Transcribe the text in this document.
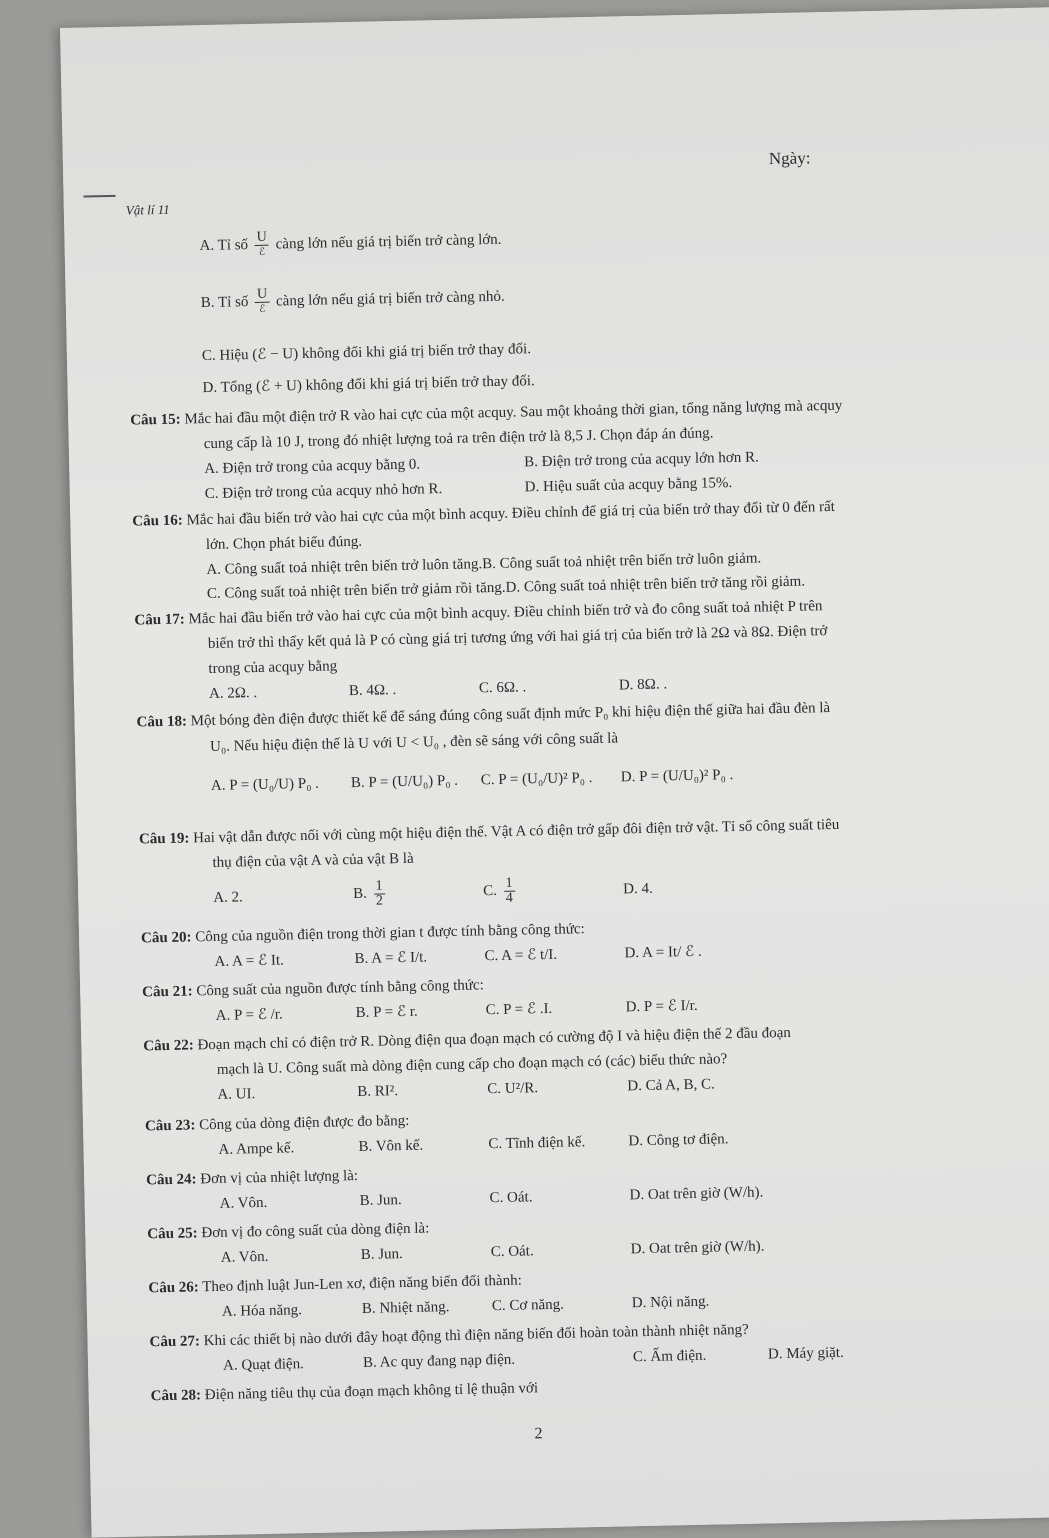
Ngày:
Vật lí 11
A. Tỉ số $\frac{U}{\text{ℰ}}$ càng lớn nếu giá trị biến trở càng lớn.
B. Tỉ số $\frac{U}{\text{ℰ}}$ càng lớn nếu giá trị biến trở càng nhỏ.
C. Hiệu (ℰ − U) không đổi khi giá trị biến trở thay đổi.
D. Tổng (ℰ + U) không đổi khi giá trị biến trở thay đổi.
Câu 15: Mắc hai đầu một điện trở R vào hai cực của một acquy. Sau một khoảng thời gian, tổng năng lượng mà acquy
cung cấp là 10 J, trong đó nhiệt lượng toả ra trên điện trở là 8,5 J. Chọn đáp án đúng.
A. Điện trở trong của acquy bằng 0.	B. Điện trở trong của acquy lớn hơn R.
C. Điện trở trong của acquy nhỏ hơn R.	D. Hiệu suất của acquy bằng 15%.
Câu 16: Mắc hai đầu biến trở vào hai cực của một bình acquy. Điều chỉnh để giá trị của biến trở thay đổi từ 0 đến rất
lớn. Chọn phát biểu đúng.
A. Công suất toả nhiệt trên biến trở luôn tăng.B. Công suất toả nhiệt trên biến trở luôn giảm.
C. Công suất toả nhiệt trên biến trở giảm rồi tăng.D. Công suất toả nhiệt trên biến trở tăng rồi giảm.
Câu 17: Mắc hai đầu biến trở vào hai cực của một bình acquy. Điều chỉnh biến trở và đo công suất toả nhiệt P trên
biến trở thì thấy kết quả là P có cùng giá trị tương ứng với hai giá trị của biến trở là 2Ω và 8Ω. Điện trở
trong của acquy bằng
A. 2Ω. .	B. 4Ω. .	C. 6Ω. .	D. 8Ω. .
Câu 18: Một bóng đèn điện được thiết kế để sáng đúng công suất định mức P₀ khi hiệu điện thế giữa hai đầu đèn là
U₀. Nếu hiệu điện thế là U với U < U₀ , đèn sẽ sáng với công suất là
A. P = (U₀/U) P₀ . B. P = (U/U₀) P₀ . C. P = (U₀/U)² P₀ . D. P = (U/U₀)² P₀ .
Câu 19: Hai vật dẫn được nối với cùng một hiệu điện thế. Vật A có điện trở gấp đôi điện trở vật. Tỉ số công suất tiêu
thụ điện của vật A và của vật B là
A. 2.	B. $\frac{1}{2}$	C. $\frac{1}{4}$	D. 4.
Câu 20: Công của nguồn điện trong thời gian t được tính bằng công thức:
A. A = ℰ It.	B. A = ℰ I/t.	C. A = ℰ t/I.	D. A = It/ ℰ .
Câu 21: Công suất của nguồn được tính bằng công thức:
A. P = ℰ /r.	B. P = ℰ r.	C. P = ℰ .I.	D. P = ℰ I/r.
Câu 22: Đoạn mạch chỉ có điện trở R. Dòng điện qua đoạn mạch có cường độ I và hiệu điện thế 2 đầu đoạn
mạch là U. Công suất mà dòng điện cung cấp cho đoạn mạch có (các) biểu thức nào?
A. UI.	B. RI².	C. U²/R.	D. Cả A, B, C.
Câu 23: Công của dòng điện được đo bằng:
A. Ampe kế.	B. Vôn kế.	C. Tĩnh điện kế.	D. Công tơ điện.
Câu 24: Đơn vị của nhiệt lượng là:
A. Vôn.	B. Jun.	C. Oát.	D. Oat trên giờ (W/h).
Câu 25: Đơn vị đo công suất của dòng điện là:
A. Vôn.	B. Jun.	C. Oát.	D. Oat trên giờ (W/h).
Câu 26: Theo định luật Jun-Len xơ, điện năng biến đổi thành:
A. Hóa năng.	B. Nhiệt năng.	C. Cơ năng.	D. Nội năng.
Câu 27: Khi các thiết bị nào dưới đây hoạt động thì điện năng biến đổi hoàn toàn thành nhiệt năng?
A. Quạt điện.	B. Ac quy đang nạp điện.	C. Ấm điện.	D. Máy giặt.
Câu 28: Điện năng tiêu thụ của đoạn mạch không tỉ lệ thuận với
2
